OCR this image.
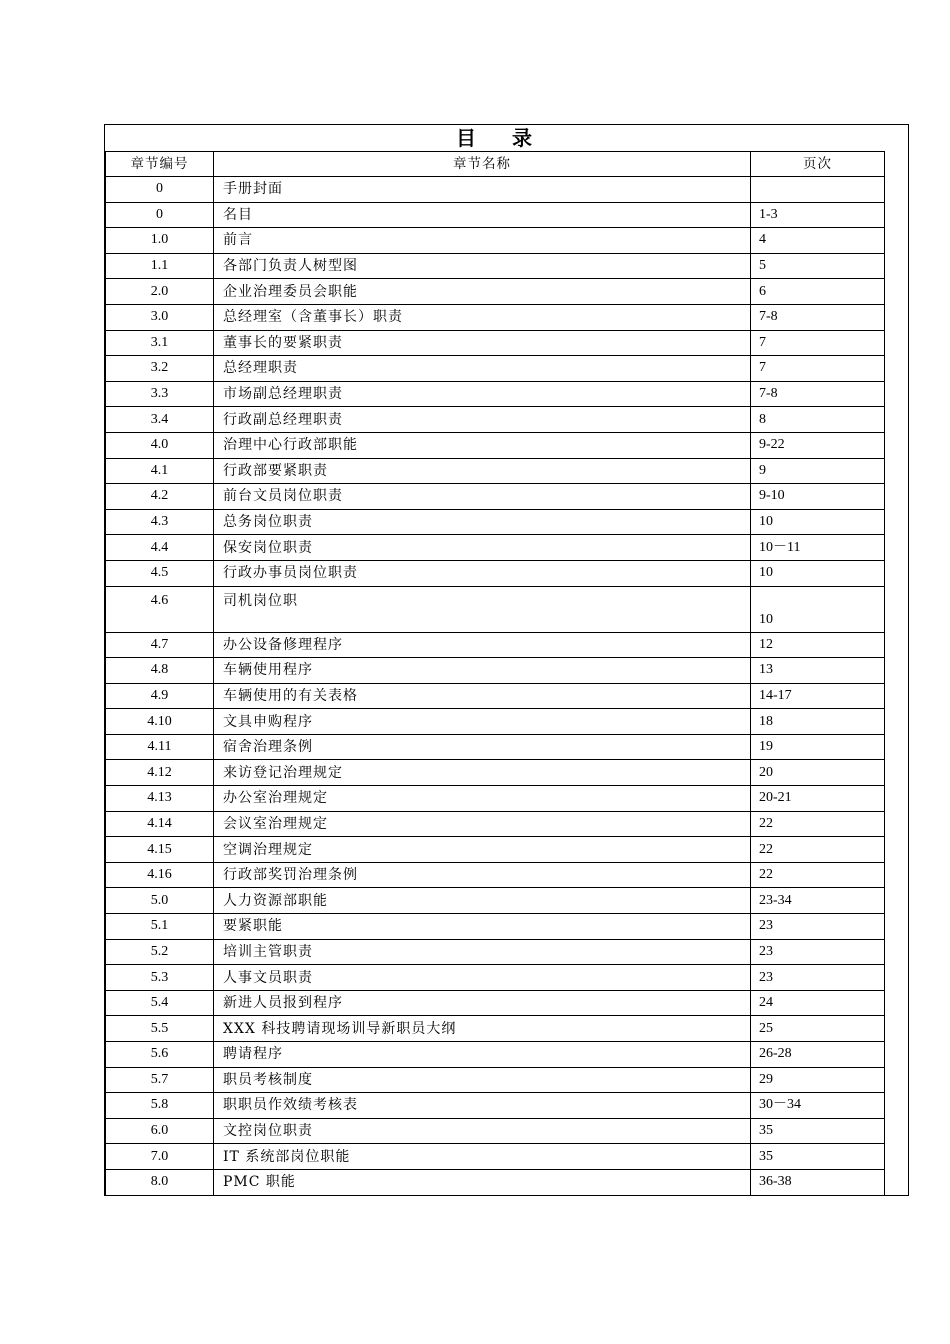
目录
章节编号	章节名称	页次
0	手册封面	
0	名目	1-3
1.0	前言	4
1.1	各部门负责人树型图	5
2.0	企业治理委员会职能	6
3.0	总经理室（含董事长）职责	7-8
3.1	董事长的要紧职责	7
3.2	总经理职责	7
3.3	市场副总经理职责	7-8
3.4	行政副总经理职责	8
4.0	治理中心行政部职能	9-22
4.1	行政部要紧职责	9
4.2	前台文员岗位职责	9-10
4.3	总务岗位职责	10
4.4	保安岗位职责	10－11
4.5	行政办事员岗位职责	10
4.6	司机岗位职	10
4.7	办公设备修理程序	12
4.8	车辆使用程序	13
4.9	车辆使用的有关表格	14-17
4.10	文具申购程序	18
4.11	宿舍治理条例	19
4.12	来访登记治理规定	20
4.13	办公室治理规定	20-21
4.14	会议室治理规定	22
4.15	空调治理规定	22
4.16	行政部奖罚治理条例	22
5.0	人力资源部职能	23-34
5.1	要紧职能	23
5.2	培训主管职责	23
5.3	人事文员职责	23
5.4	新进人员报到程序	24
5.5	XXX 科技聘请现场训导新职员大纲	25
5.6	聘请程序	26-28
5.7	职员考核制度	29
5.8	职职员作效绩考核表	30－34
6.0	文控岗位职责	35
7.0	IT 系统部岗位职能	35
8.0	PMC 职能	36-38
